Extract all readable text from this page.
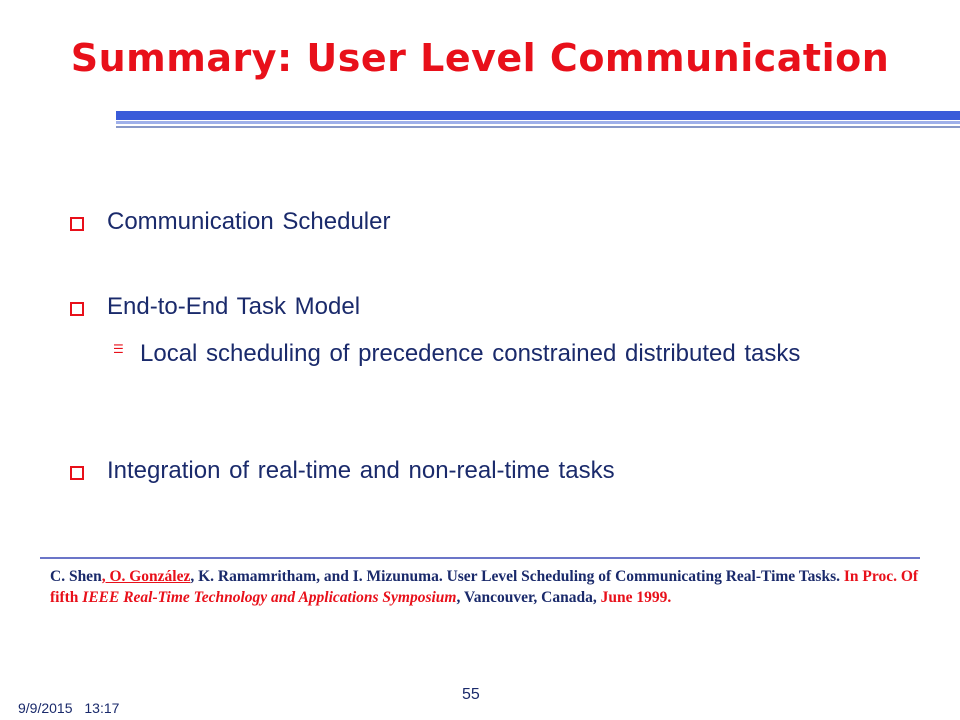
Summary: User Level Communication
Communication Scheduler
End-to-End Task Model
☰ Local scheduling of precedence constrained distributed tasks
Integration of real-time and non-real-time tasks
C. Shen, O. González, K. Ramamritham, and I. Mizunuma. User Level Scheduling of Communicating Real-Time Tasks. In Proc. Of fifth IEEE Real-Time Technology and Applications Symposium, Vancouver, Canada, June 1999.
55
9/9/2015 13:17
